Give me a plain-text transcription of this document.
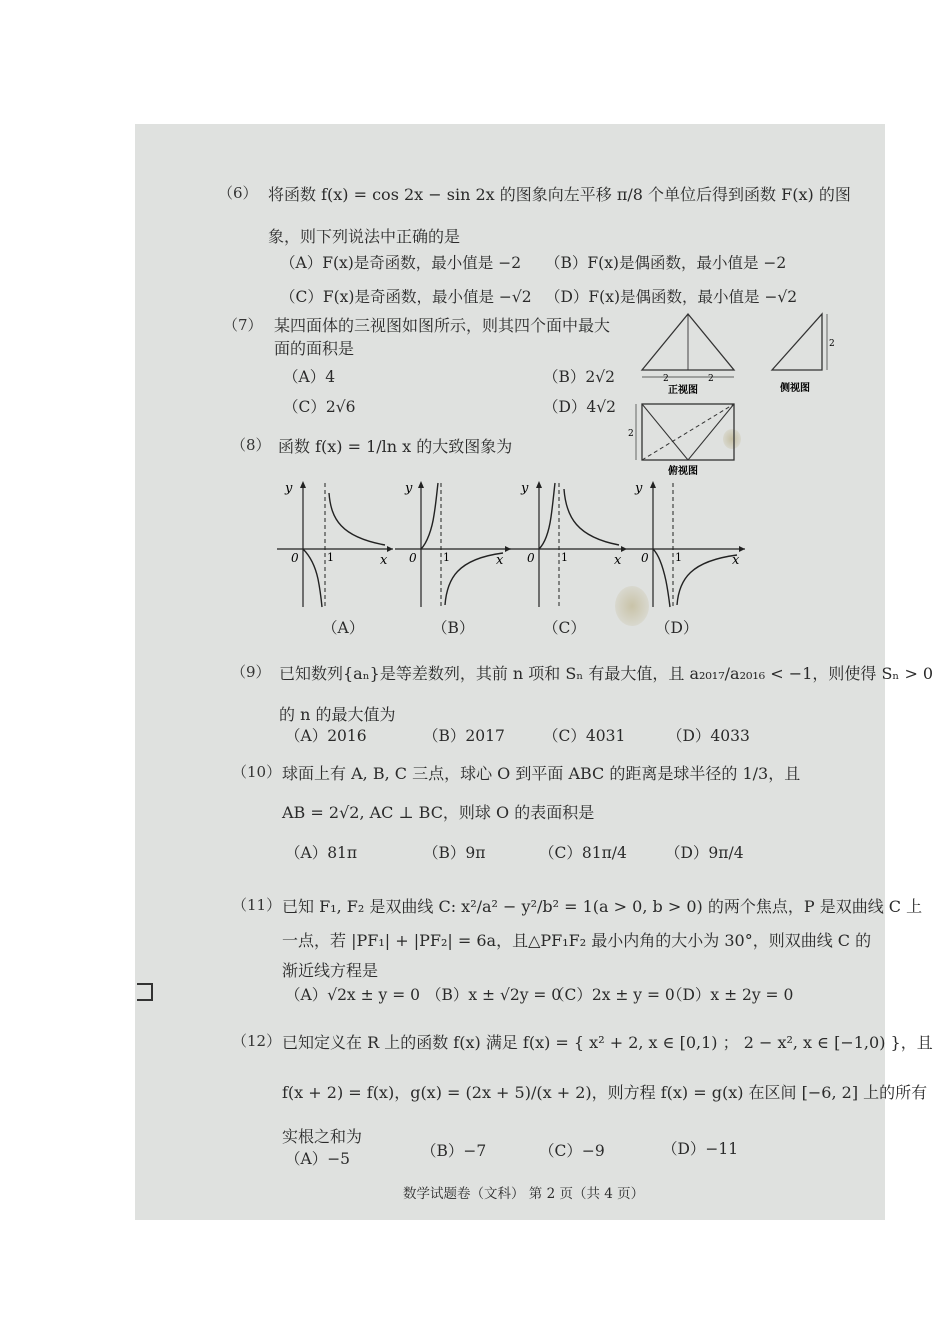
（6） 将函数 f(x) = cos 2x − sin 2x 的图象向左平移 π/8 个单位后得到函数 F(x) 的图
象，则下列说法中正确的是
（A）F(x)是奇函数，最小值是 −2 （B）F(x)是偶函数，最小值是 −2
（C）F(x)是奇函数，最小值是 −√2 （D）F(x)是偶函数，最小值是 −√2
（7） 某四面体的三视图如图所示，则其四个面中最大
面的面积是
（A）4	（B）2√2
（C）2√6	（D）4√2
2	2
正视图
2
侧视图
2
俯视图
（8） 函数 f(x) = 1/ln x 的大致图象为
y
x
0	1
y
x
0 1
y
x
0 1
y
x
0 1
（A）	（B）	（C）	（D）
（9） 已知数列{aₙ}是等差数列，其前 n 项和 Sₙ 有最大值，且 a₂₀₁₇/a₂₀₁₆ < −1，则使得 Sₙ > 0
的 n 的最大值为
（A）2016	（B）2017 （C）4031	（D）4033
（10） 球面上有 A, B, C 三点，球心 O 到平面 ABC 的距离是球半径的 1/3，且
AB = 2√2, AC ⊥ BC，则球 O 的表面积是
（A）81π	（B）9π	（C）81π/4 （D）9π/4
（11） 已知 F₁, F₂ 是双曲线 C: x²/a² − y²/b² = 1(a > 0, b > 0) 的两个焦点，P 是双曲线 C 上
一点，若 |PF₁| + |PF₂| = 6a，且△PF₁F₂ 最小内角的大小为 30°，则双曲线 C 的
渐近线方程是
（A）√2x ± y = 0 （B）x ± √2y = 0
（C）2x ± y = 0
（D）x ± 2y = 0
（12） 已知定义在 R 上的函数 f(x) 满足 f(x) = { x² + 2, x ∈ [0,1) ； 2 − x², x ∈ [−1,0) }，且
f(x + 2) = f(x)，g(x) = (2x + 5)/(x + 2)，则方程 f(x) = g(x) 在区间 [−6, 2] 上的所有
实根之和为
（A）−5	（B）−7	（C）−9	（D）−11
数学试题卷（文科） 第 2 页（共 4 页）
